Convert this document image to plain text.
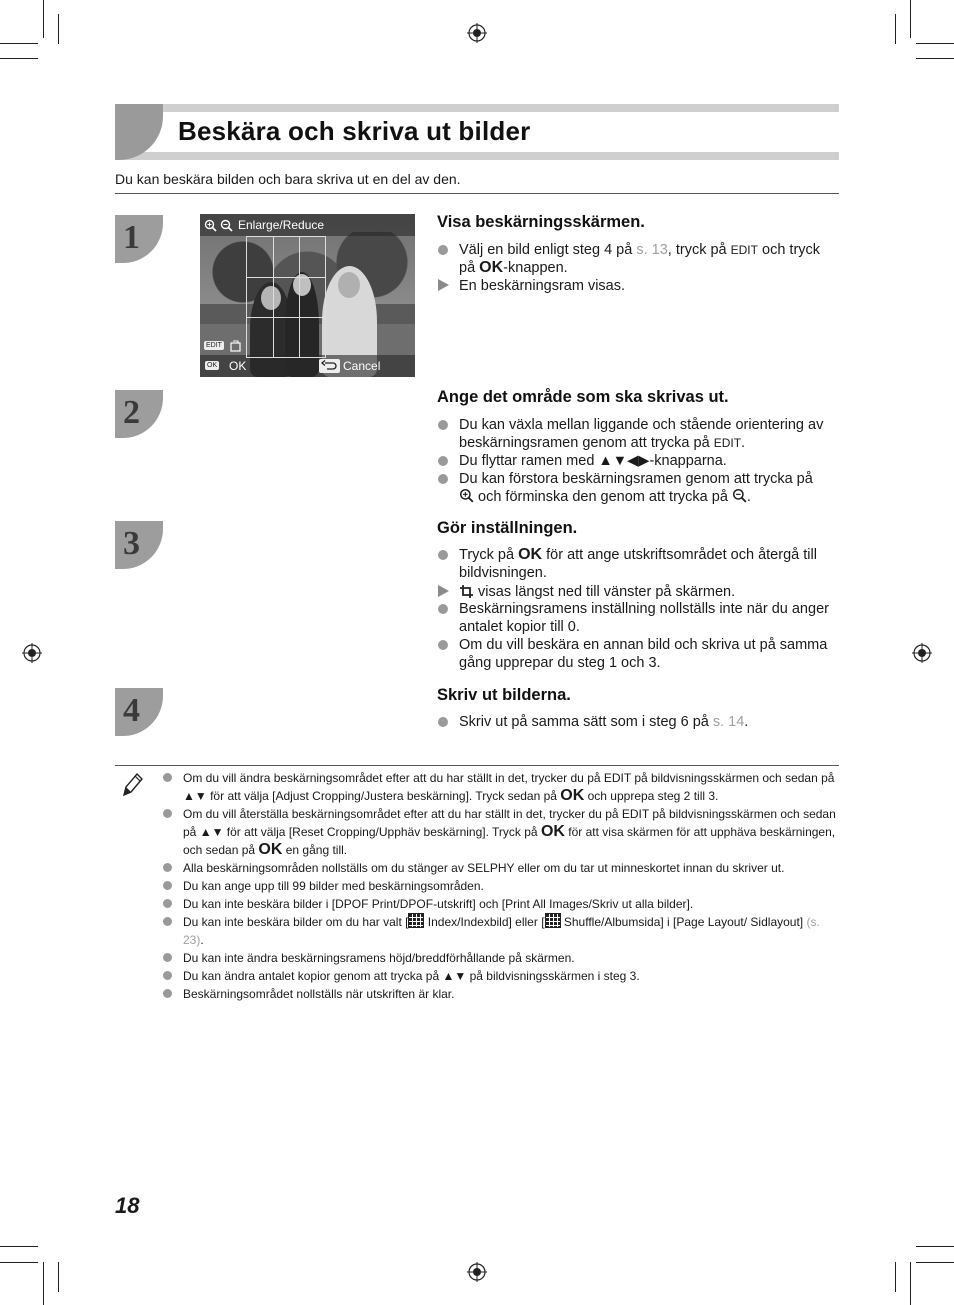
Beskära och skriva ut bilder
Du kan beskära bilden och bara skriva ut en del av den.
1
2
3
4
Enlarge/Reduce
EDIT
OK OK	Cancel
Visa beskärningsskärmen.
Välj en bild enligt steg 4 på s. 13, tryck på EDIT och tryck
på OK-knappen.
En beskärningsram visas.
Ange det område som ska skrivas ut.
Du kan växla mellan liggande och stående orientering av beskärningsramen genom att trycka på EDIT.
Du flyttar ramen med ▲▼◀▶-knapparna.
Du kan förstora beskärningsramen genom att trycka på
och förminska den genom att trycka på .
Gör inställningen.
Tryck på OK för att ange utskriftsområdet och återgå till bildvisningen.
visas längst ned till vänster på skärmen.
Beskärningsramens inställning nollställs inte när du anger antalet kopior till 0.
Om du vill beskära en annan bild och skriva ut på samma gång upprepar du steg 1 och 3.
Skriv ut bilderna.
Skriv ut på samma sätt som i steg 6 på s. 14.
Om du vill ändra beskärningsområdet efter att du har ställt in det, trycker du på EDIT på bildvisningsskärmen och sedan på ▲▼ för att välja [Adjust Cropping/Justera beskärning]. Tryck sedan på OK och upprepa steg 2 till 3.
Om du vill återställa beskärningsområdet efter att du har ställt in det, trycker du på EDIT på bildvisningsskärmen och sedan på ▲▼ för att välja [Reset Cropping/Upphäv beskärning]. Tryck på OK för att visa skärmen för att upphäva beskärningen, och sedan på OK en gång till.
Alla beskärningsområden nollställs om du stänger av SELPHY eller om du tar ut minneskortet innan du skriver ut.
Du kan ange upp till 99 bilder med beskärningsområden.
Du kan inte beskära bilder i [DPOF Print/DPOF-utskrift] och [Print All Images/Skriv ut alla bilder].
Du kan inte beskära bilder om du har valt [ Index/Indexbild] eller [ Shuffle/Albumsida] i [Page Layout/ Sidlayout] (s. 23).
Du kan inte ändra beskärningsramens höjd/breddförhållande på skärmen.
Du kan ändra antalet kopior genom att trycka på ▲▼ på bildvisningsskärmen i steg 3.
Beskärningsområdet nollställs när utskriften är klar.
18
